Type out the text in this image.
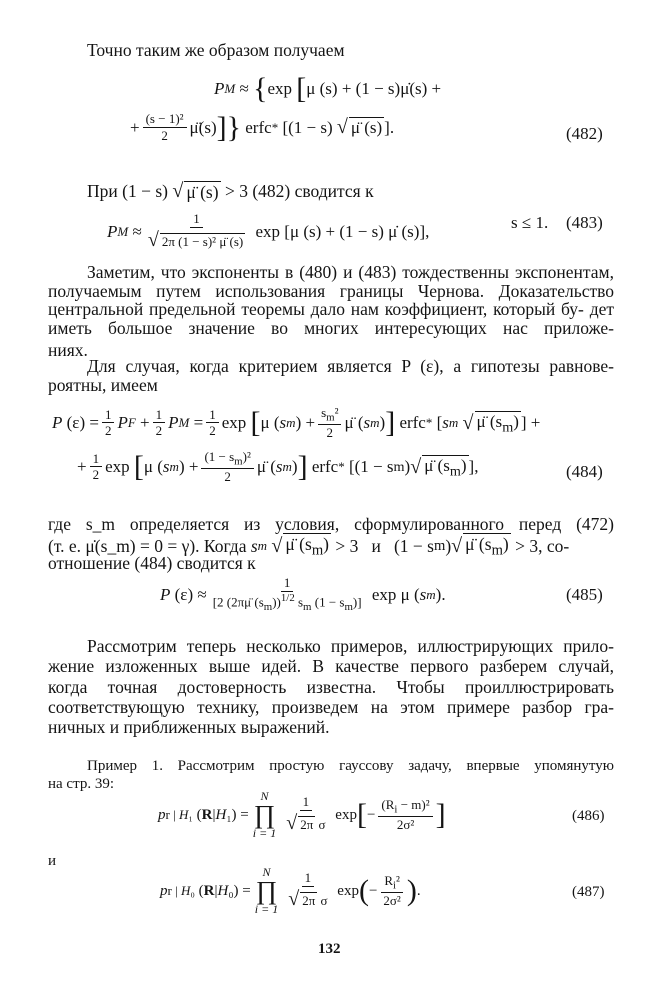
Точно таким же образом получаем
P M ≈ { exp [ μ (s) + (1 − s) μ̇ (s) +
+ $\frac{\text{(s − 1)²}}{2}$ μ̈ (s) ]} erfc * [(1 − s) √ μ̈ (s) ].	(482)
При (1 − s) √ μ̈ (s) > 3 (482) сводится к
P $M \approx \frac{1}{\text{√ 2π (1 − s)² μ̈ (s)}}$ exp [μ (s) + (1 − s) μ̇ (s)],	s ≤ 1. (483)
Заметим, что экспоненты в (480) и (483) тождественны экспонентам, получаемым путем использования границы Чернова. Доказательство центральной предельной теоремы дало нам коэффициент, который бу- дет иметь большое значение во многих интересующих нас приложе-
ниях.
Для случая, когда критерием является P (ε), а гипотезы равнове-
роятны, имеем
P $(\varepsilon) = \frac{1}{2}$ P $F + \frac{1}{2}$ P $M = \frac{1}{2}$ exp [ μ ( s m ) + $\frac{s_m^2}{2}$ μ̈ ( s m ) ] erfc * [ s m
√ μ̈ $(s_m)$ ] +
+ $\frac{1}{2}$ exp [ μ ( s m ) + $\frac{(1 - s_m)^2}{2}$ μ̈ ( s m ) ] erfc * [(1 − s m ) √ μ̈ $(s_m)$ ],	(484)
где s_m определяется из условия, сформулированного перед (472)
(т. е. μ̇(s_m) = 0 = γ). Когда
s m
√ μ̈ $(s_m) > 3$ и (1 − s m ) √ μ̈ $(s_m) > 3$ , со-
отношение (484) сводится к
P $(\varepsilon) \approx \frac{1}{[2 (2\pi\mü (s_m))^{1/2} s_m (1 - s_m)]}$ exp μ ( s m ).	(485)
Рассмотрим теперь несколько примеров, иллюстрирующих прило-
жение изложенных выше идей. В качестве первого разберем случай,
когда точная достоверность известна. Чтобы проиллюстрировать
соответствующую технику, произведем на этом примере разбор гра-
ничных и приближенных выражений.
Пример 1. Рассмотрим простую гауссову задачу, впервые упомянутую
на стр. 39:
p r | H₁ ( R | H ₁) =
N
∏
$i = 1 \frac{1}{\text{√ 2π σ}}$ exp [ − $\frac{(R_i - m)^2}{\text{2σ²}}$ ]	(486)
и
p r | H₀ ( R | H ₀) =
N
∏
$i = 1 \frac{1}{\text{√ 2π σ}}$ exp ( − $\frac{R_i^2}{\text{2σ²}}$ ) .	(487)
132
